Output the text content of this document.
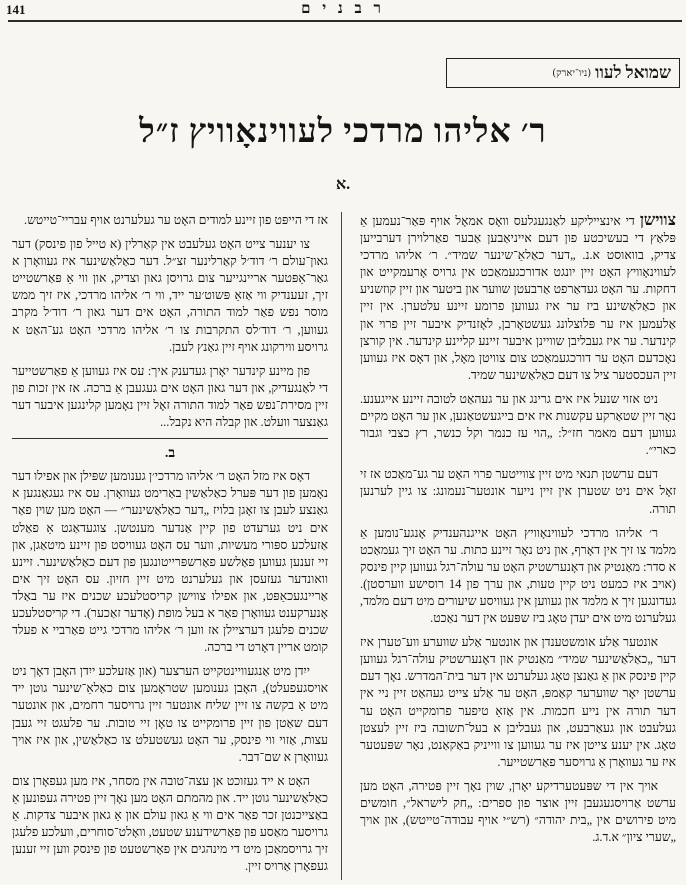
141	ר ב נ י ם
שמואל לעוו
(ניו־יארק)
ר׳ אליהו מרדכי לעווינאָוויץ ז״ל
א.

צווישן די אינצייליקע לאַנגעגלעס וואָס אמאָל אויף פּאַר־נעמען אַ פּלאַץ די בעשיכטע פון דעם אייניאַבען אַבער פאַרלוירן דערבייען צדיק, בוואוסט א.נ. „דער כאַלאַ־שינער שמיד״. ר׳ אליהו מרדכי לעווינאָוויץ האָט זיין יונגט אדורכגעמאַכט אין גרויס אָרעמקייט און דחקות. ער האָט געדאַרפט אַרבעטן שווער און ביטער און זיין קוזשניע און כאַלאַשינע ביז ער איז געווען פרומע זיינע עלטערן. אין זיין אַלעמען איז ער פּלוצלונג געשטאָרבן, לאָזנדיק איבער זיין פרוי און קינדער. ער איז געבליבן שוויינן איבער זיינע קליינע קינדער. אין קורצן נאָכדעם האָט ער דורכגעמאַכט צום צוויטן מאָל, און דאָס איז געווען זיין העכסטער ציל צו דעם כאַלאַשינער שמיד.

ניט אזוי שנעל איז אים גרינג און ער געהאַט לטובה זיינע אייגענע. נאָר זיין שטאַרקע עקשנות איז אים בייגעשטאַנען, און ער האָט מקיים געווען דעם מאמר חז״ל: „הוי עז כנמר וקל כנשר, רץ כצבי וגבור כארי״.

דעם ערשטן תנאי מיט זיין צווייטער פרוי האָט ער גע־מאַכט אז זי זאָל אים ניט שטערן אין זיין נייער אונטער־נעמונג: צו גיין לערנען תורה.

ר׳ אליהו מרדכי לעווינאָוויץ האָט אייגנהענדיק אָנגע־נומען אַ מלמד צו זיך אין דאָרף, און ניט נאָר זיינע כתות. ער האָט זיך געמאַכט א סדר: מאַנטיק און דאָנערשטיק האָט ער עולה־רגל געווען קיין פינסק (אויב איז כמעט ניט קיין טעות, און ערך פון 14 רוסישע ווערסטן). געדונגען זיך א מלמד און געווען אין געוויסע שיעורים מיט דעם מלמד, געלערנט מיט אים יעדן טאָג ביז שפּעט אין דער נאַכט.

אונטער אַלע אומשטענדן און אונטער אַלע שווערע ווע־טערן איז דער „כאַלאַשינער שמיד״ מאַנטיק און דאָנערשטיק עולה־רגל געווען קיין פינסק און אַ גאַנצן טאָג געלערנט אין דער בית־המדרש. נאָך דעם ערשטן יאָר שווערער קאַמפּ, האָט ער אַלע צייט געהאַט זיין ניי אין דער תורה אין נייע חכמות. אין אַזאַ טיפער פרומקייט האָט ער געלעבט און געאַרבעט, און געבליבן א בעל־תשובה ביז זיין לעצטן טאָג. אין יענע צייטן איז ער געווען צו ווייניק באַקאַנט, נאָר שפּעטער איז ער געוואָרן אַ גרויסער פאַרשטייער.

אויך אין די שפּעטערדיקע יאָרן, שוין נאָך זיין פּטירה, האָט מען ערשט אַרויסגעגעבן זיין אוצר פון ספרים: „חק לישראל״, חומשים מיט פירושים אין „בית יהודה״ (רש״י אויף עבודה־טייטש), און אויך „שערי ציון״ א.ד.ג.

אז די הייפּט פון זיינע למודים האָט ער געלערנט אויף עבריי־טייטש.

צו יענער צייט האָט געלעבט אין קאַרלין (א טייל פון פינסק) דער גאון־עולם ר׳ דוד׳ל קאַרלינער זצ״ל. דער כאַלאַשינער איז געוואָרן א גאַר־אַפּטער אריינגייער צום גרויסן גאון וצדיק, און ווי אַ פּאַרשטייט זיך, זעענדיק ווי אַזאַ פּשוט׳ער ייד, ווי ר׳ אליהו מרדכי, איז זיך ממש מוסר נפש פאַר למוד התורה, האָט אים דער גאון ר׳ דוד׳ל מקרב געווען, ר׳ דוד׳לס התקרבות צו ר׳ אליהו מרדכי האָט גע־האַט א גרויסע ווירקונג אויף זיין גאַנץ לעבן.

פון מיינע קינדער יאָרן געדענק איך: עס איז געווען אַ פאַרשטייער די לאַנגעדיק, און דער גאון האָט אים געגעבן אַ ברכה. אז אין זכות פון זיין מסירת־נפש פאַר למוד התורה זאָל זיין נאָמען קלינגען איבער דער גאַנצער וועלט. און קבלה היא נקבל...

ב.

דאָס איז מזל האָט ר׳ אליהו מרדכי׳ן גענומען שפּילן און אפילו דער נאָמען פון דער פּערל כאַלאַשין באַרימט געוואָרן. עס איז געגאַנגען א גאַנצע לעבן צו זאָגן בלויז „דער כאַלאַשינער״ — האָט מען שוין פאַר אים ניט גערעדט פון קיין אַנדער מענטשן. צוגעדאַגט אַ פאַלט אַזעלכע ספּורי מעשיות, ווער עס האָט געוויסט פון זיינע מיטאַגן, און זיי זענען געווען פאַלשע פאַרשפּרייטונגען פון דעם כאַלאַשינער. זיינע וואונדער געזעסן און געלערנט מיט זיין חזיון. עס האָט זיך אים אַריינגעכאַפּט, און אפילו צווישן קריסטלעכע שכנים איז ער באַלד אָנערקענט געוואָרן פאַר א בעל מופת (אָדער זאַכער). די קריסטלעכע שכנים פלעגן דערציילן אז ווען ר׳ אליהו מרדכי גייט פאַרביי א פעלד קומט אריין דאָרט די ברכה.

ייִדן מיט אַנגעוויינטקייט הערצער (און אַזעלכע ייִדן האָבן דאָך ניט אויסגעפעלט), האָבן גענומען שטראָמען צום כאַלאַ־שינער גוטן ייד מיט אַ בקשה צו זיין שליח אונטער זיין גרויסער רחמים, און אונטער דעם שאַטן פון זיין פרומקייט צו טאָן זיי טובות. ער פלעגט זיי געבן עצות, אַזוי ווי פינסק, ער האָט געשטעלט צו כאַלאַשין, און איז אויך געוואָרן א שם־דבר.

האָט א ייד געזוכט אן עצה־טובה אין מסחר, איז מען געפאָרן צום כאַלאַשינער גוטן ייד. און מהמתם האָט מען נאָך זיין פטירה געפונען אַ באַצייכנטן זכר פאַר אים ווי אַ גאון עולם און אַ גאון איבער צדקות. אַ גרויסער מאַסע פון פאַרשידענע שטעט, וואָלט־סוחרים, וועלכע פלעגן זיך גרויסמאַכן מיט די מינהגים אין פאָרשטעט פון פינסק ווען זיי זענען געפאָרן אַרויס זיין.
